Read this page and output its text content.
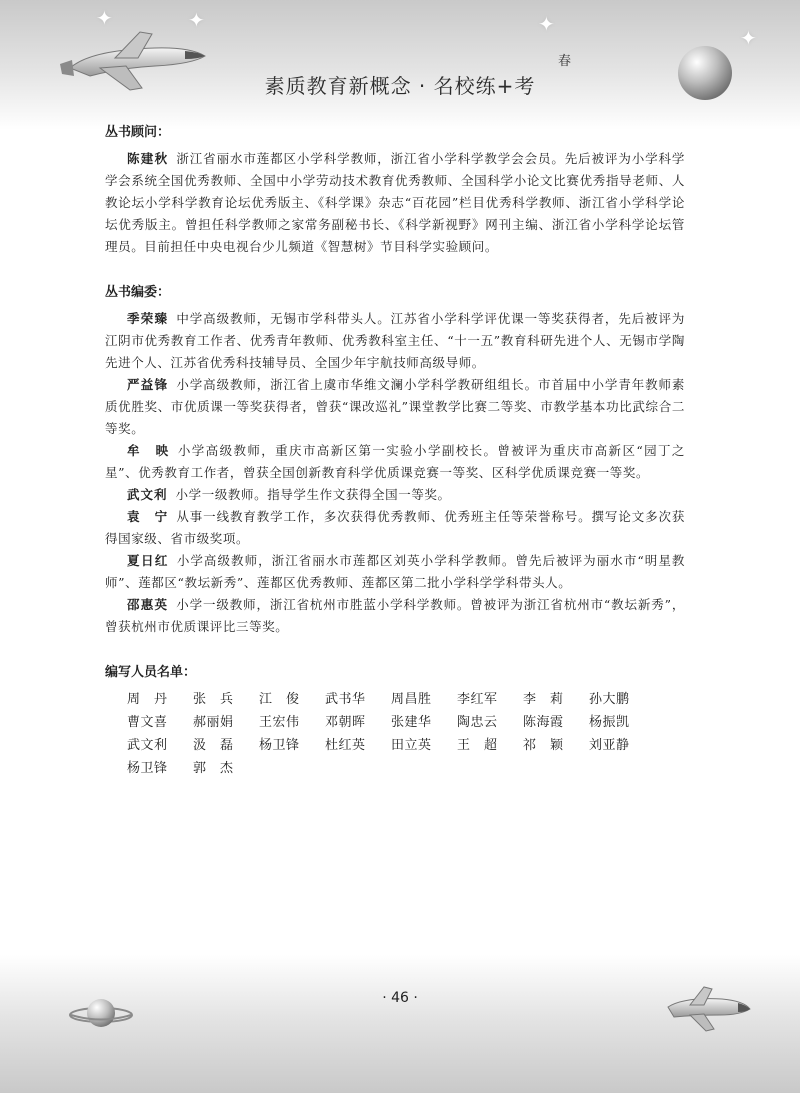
✦	✦	✦
✦
素质教育新概念 · 名校练+考
春
丛书顾问：

陈建秋 浙江省丽水市莲都区小学科学教师，浙江省小学科学教学会会员。先后被评为小学科学学会系统全国优秀教师、全国中小学劳动技术教育优秀教师、全国科学小论文比赛优秀指导老师、人教论坛小学科学教育论坛优秀版主、《科学课》杂志“百花园”栏目优秀科学教师、浙江省小学科学论坛优秀版主。曾担任科学教师之家常务副秘书长、《科学新视野》网刊主编、浙江省小学科学论坛管理员。目前担任中央电视台少儿频道《智慧树》节目科学实验顾问。

丛书编委：

季荣臻 中学高级教师，无锡市学科带头人。江苏省小学科学评优课一等奖获得者，先后被评为江阴市优秀教育工作者、优秀青年教师、优秀教科室主任、“十一五”教育科研先进个人、无锡市学陶先进个人、江苏省优秀科技辅导员、全国少年宇航技师高级导师。

严益锋 小学高级教师，浙江省上虞市华维文澜小学科学教研组组长。市首届中小学青年教师素质优胜奖、市优质课一等奖获得者，曾获“课改巡礼”课堂教学比赛二等奖、市教学基本功比武综合二等奖。

牟　映 小学高级教师，重庆市高新区第一实验小学副校长。曾被评为重庆市高新区“园丁之星”、优秀教育工作者，曾获全国创新教育科学优质课竞赛一等奖、区科学优质课竞赛一等奖。

武文利 小学一级教师。指导学生作文获得全国一等奖。

袁　宁 从事一线教育教学工作，多次获得优秀教师、优秀班主任等荣誉称号。撰写论文多次获得国家级、省市级奖项。

夏日红 小学高级教师，浙江省丽水市莲都区刘英小学科学教师。曾先后被评为丽水市“明星教师”、莲都区“教坛新秀”、莲都区优秀教师、莲都区第二批小学科学学科带头人。

邵惠英 小学一级教师，浙江省杭州市胜蓝小学科学教师。曾被评为浙江省杭州市“教坛新秀”，曾获杭州市优质课评比三等奖。

编写人员名单：
周　丹	张　兵	江　俊	武书华	周昌胜	李红军	李　莉	孙大鹏
曹文喜	郝丽娟	王宏伟	邓朝晖	张建华	陶忠云	陈海霞	杨振凯
武文利	汲　磊	杨卫锋	杜红英	田立英	王　超	祁　颖	刘亚静
杨卫锋	郭　杰
· 46 ·
